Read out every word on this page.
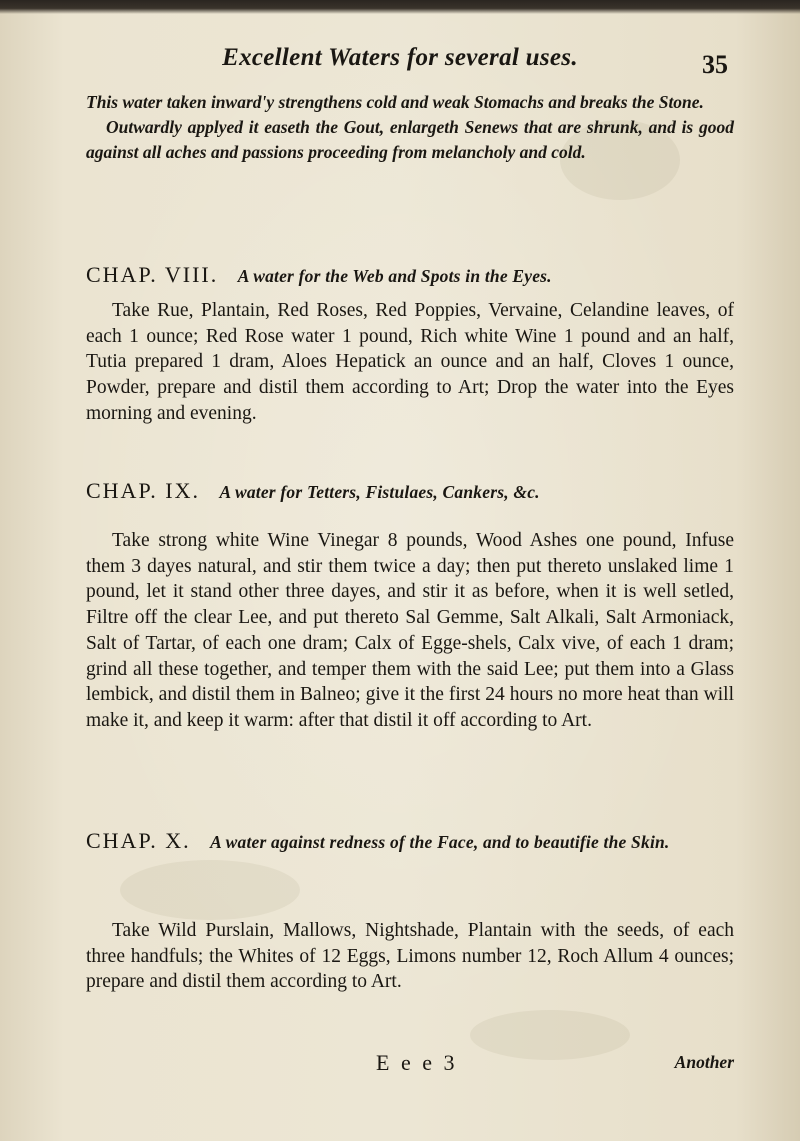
Excellent Waters for several uses.	35

This water taken inward'y strengthens cold and weak Stomachs and breaks the Stone.

Outwardly applyed it easeth the Gout, enlargeth Senews that are shrunk, and is good against all aches and passions proceeding from melancholy and cold.

CHAP. VIII. A water for the Web and Spots in the Eyes.

Take Rue, Plantain, Red Roses, Red Poppies, Vervaine, Celandine leaves, of each 1 ounce; Red Rose water 1 pound, Rich white Wine 1 pound and an half, Tutia prepared 1 dram, Aloes Hepatick an ounce and an half, Cloves 1 ounce, Powder, prepare and distil them according to Art; Drop the water into the Eyes morning and evening.

CHAP. IX. A water for Tetters, Fistulaes, Cankers, &c.

Take strong white Wine Vinegar 8 pounds, Wood Ashes one pound, Infuse them 3 dayes natural, and stir them twice a day; then put thereto unslaked lime 1 pound, let it stand other three dayes, and stir it as before, when it is well setled, Filtre off the clear Lee, and put thereto Sal Gemme, Salt Alkali, Salt Armoniack, Salt of Tartar, of each one dram; Calx of Egge-shels, Calx vive, of each 1 dram; grind all these together, and temper them with the said Lee; put them into a Glass lembick, and distil them in Balneo; give it the first 24 hours no more heat than will make it, and keep it warm: after that distil it off according to Art.

CHAP. X. A water against redness of the Face, and to beautifie the Skin.

Take Wild Purslain, Mallows, Nightshade, Plantain with the seeds, of each three handfuls; the Whites of 12 Eggs, Limons number 12, Roch Allum 4 ounces; prepare and distil them according to Art.

E e e 3	Another
